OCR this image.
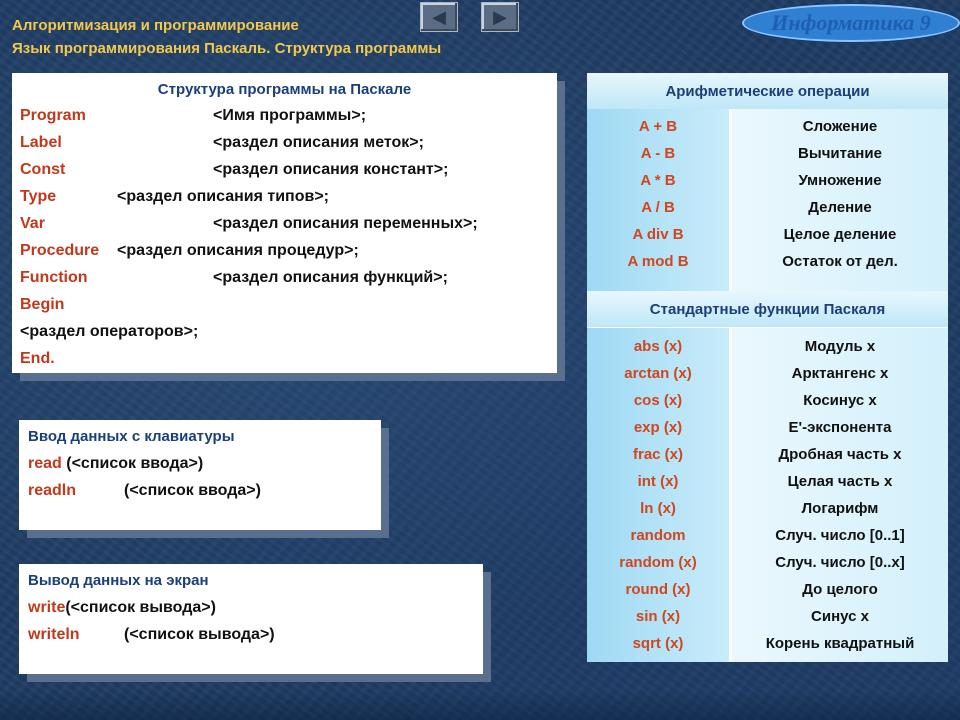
Алгоритмизация и программирование
Язык программирования Паскаль. Структура программы
◀	▶	Информатика 9
Структура программы на Паскале
Program	<Имя программы>;
Label	<раздел описания меток>;
Const	<раздел описания констант>;
Type	<раздел описания типов>;
Var	<раздел описания переменных>;
Procedure <раздел описания процедур>;
Function	<раздел описания функций>;
Begin
<раздел операторов>;
End.
Ввод данных с клавиатуры
read (<список ввода>)
readln	(<список ввода>)
Вывод данных на экран
write(<список вывода>)
writeln	(<список вывода>)
Арифметические операции
A + B	Сложение
A - B	Вычитание
A * B	Умножение
A / B	Деление
A div B	Целое деление
A mod B	Остаток от дел.
Стандартные функции Паскаля
abs (x)	Модуль x
arctan (x)	Арктангенс x
cos (x)	Косинус x
exp (x)	Е'-экспонента
frac (x)	Дробная часть x
int (x)	Целая часть x
ln (x)	Логарифм
random	Случ. число [0..1]
random (x)	Случ. число [0..x]
round (x)	До целого
sin (x)	Синус x
sqrt (x)	Корень квадратный
